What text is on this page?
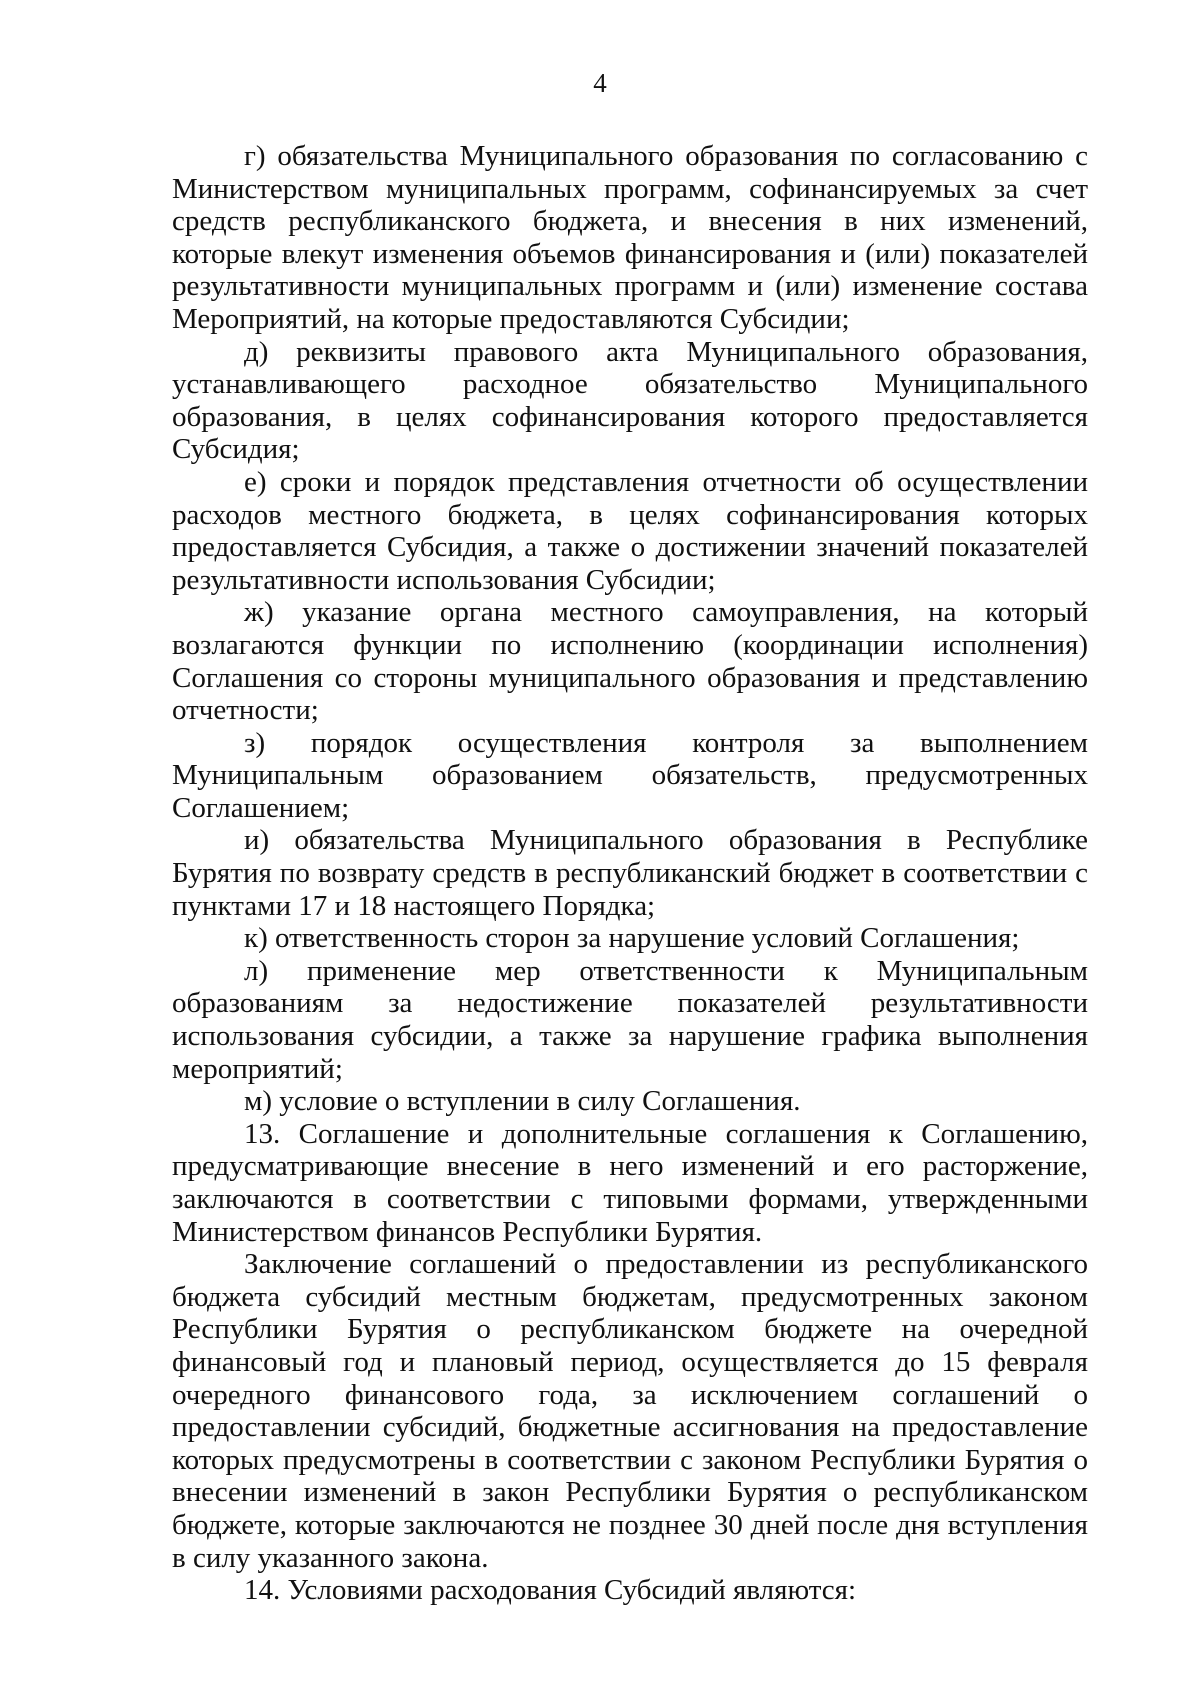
4

г) обязательства Муниципального образования по согласованию с Министерством муниципальных программ, софинансируемых за счет средств республиканского бюджета, и внесения в них изменений, которые влекут изменения объемов финансирования и (или) показателей результативности муниципальных программ и (или) изменение состава Мероприятий, на которые предоставляются Субсидии;

д) реквизиты правового акта Муниципального образования, устанавливающего расходное обязательство Муниципального образования, в целях софинансирования которого предоставляется Субсидия;

е) сроки и порядок представления отчетности об осуществлении расходов местного бюджета, в целях софинансирования которых предоставляется Субсидия, а также о достижении значений показателей результативности использования Субсидии;

ж) указание органа местного самоуправления, на который возлагаются функции по исполнению (координации исполнения) Соглашения со стороны муниципального образования и представлению отчетности;

з) порядок осуществления контроля за выполнением Муниципальным образованием обязательств, предусмотренных Соглашением;

и) обязательства Муниципального образования в Республике Бурятия по возврату средств в республиканский бюджет в соответствии с пунктами 17 и 18 настоящего Порядка;

к) ответственность сторон за нарушение условий Соглашения;

л) применение мер ответственности к Муниципальным образованиям за недостижение показателей результативности использования субсидии, а также за нарушение графика выполнения мероприятий;

м) условие о вступлении в силу Соглашения.

13. Соглашение и дополнительные соглашения к Соглашению, предусматривающие внесение в него изменений и его расторжение, заключаются в соответствии с типовыми формами, утвержденными Министерством финансов Республики Бурятия.

Заключение соглашений о предоставлении из республиканского бюджета субсидий местным бюджетам, предусмотренных законом Республики Бурятия о республиканском бюджете на очередной финансовый год и плановый период, осуществляется до 15 февраля очередного финансового года, за исключением соглашений о предоставлении субсидий, бюджетные ассигнования на предоставление которых предусмотрены в соответствии с законом Республики Бурятия о внесении изменений в закон Республики Бурятия о республиканском бюджете, которые заключаются не позднее 30 дней после дня вступления в силу указанного закона.

14. Условиями расходования Субсидий являются:
